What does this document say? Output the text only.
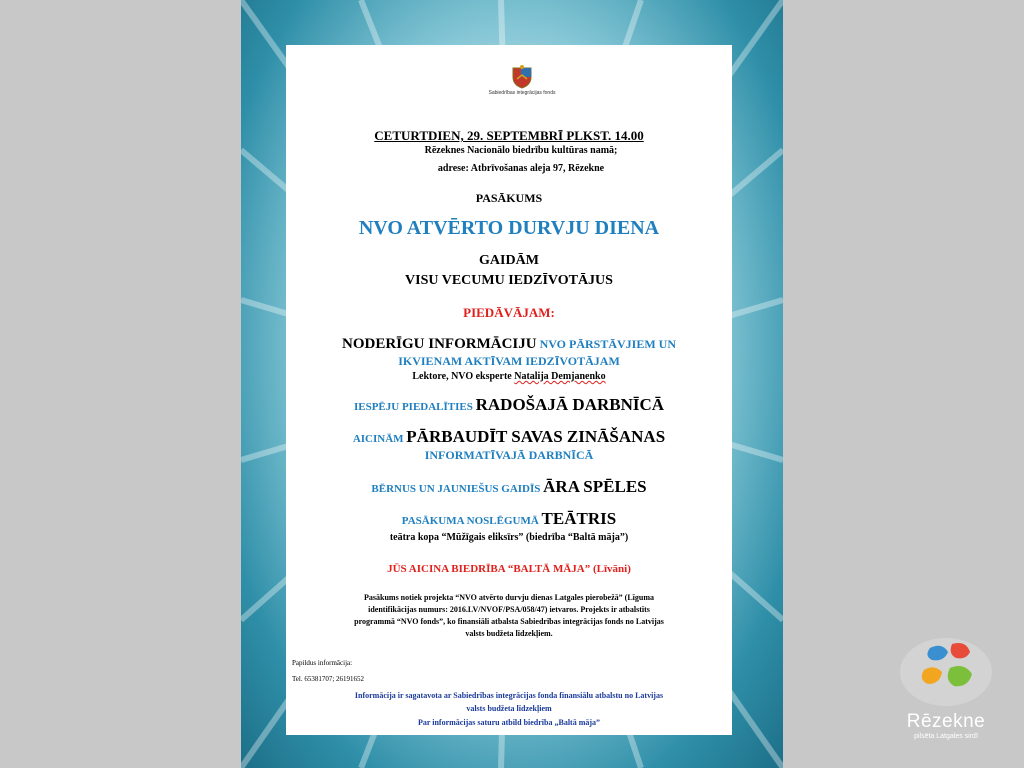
Sabiedrības integrācijas fonds
CETURTDIEN, 29. SEPTEMBRĪ PLKST. 14.00
Rēzeknes Nacionālo biedrību kultūras namā;
adrese: Atbrīvošanas aleja 97, Rēzekne
PASĀKUMS
NVO ATVĒRTO DURVJU DIENA
GAIDĀM
VISU VECUMU IEDZĪVOTĀJUS
PIEDĀVĀJAM:
NODERĪGU INFORMĀCIJU NVO PĀRSTĀVJIEM UN
IKVIENAM AKTĪVAM IEDZĪVOTĀJAM
Lektore, NVO eksperte Natalija Demjanenko
IESPĒJU PIEDALĪTIES RADOŠAJĀ DARBNĪCĀ
AICINĀM PĀRBAUDĪT SAVAS ZINĀŠANAS
INFORMATĪVAJĀ DARBNĪCĀ
BĒRNUS UN JAUNIEŠUS GAIDĪS ĀRA SPĒLES
PASĀKUMA NOSLĒGUMĀ TEĀTRIS
teātra kopa “Mūžīgais eliksīrs” (biedrība “Baltā māja”)
JŪS AICINA BIEDRĪBA “BALTĀ MĀJA” (Līvāni)
Pasākums notiek projekta “NVO atvērto durvju dienas Latgales pierobežā” (Līguma
identifikācijas numurs: 2016.LV/NVOF/PSA/058/47) ietvaros. Projekts ir atbalstīts
programmā “NVO fonds”, ko finansiāli atbalsta Sabiedrības integrācijas fonds no Latvijas
valsts budžeta līdzekļiem.
Papildus informācija:
Tel. 65381707; 26191652
Informācija ir sagatavota ar Sabiedrības integrācijas fonda finansiālu atbalstu no Latvijas
valsts budžeta līdzekļiem
Par informācijas saturu atbild biedrība „Baltā māja”	Rēzekne
pilsēta Latgales sirdī
